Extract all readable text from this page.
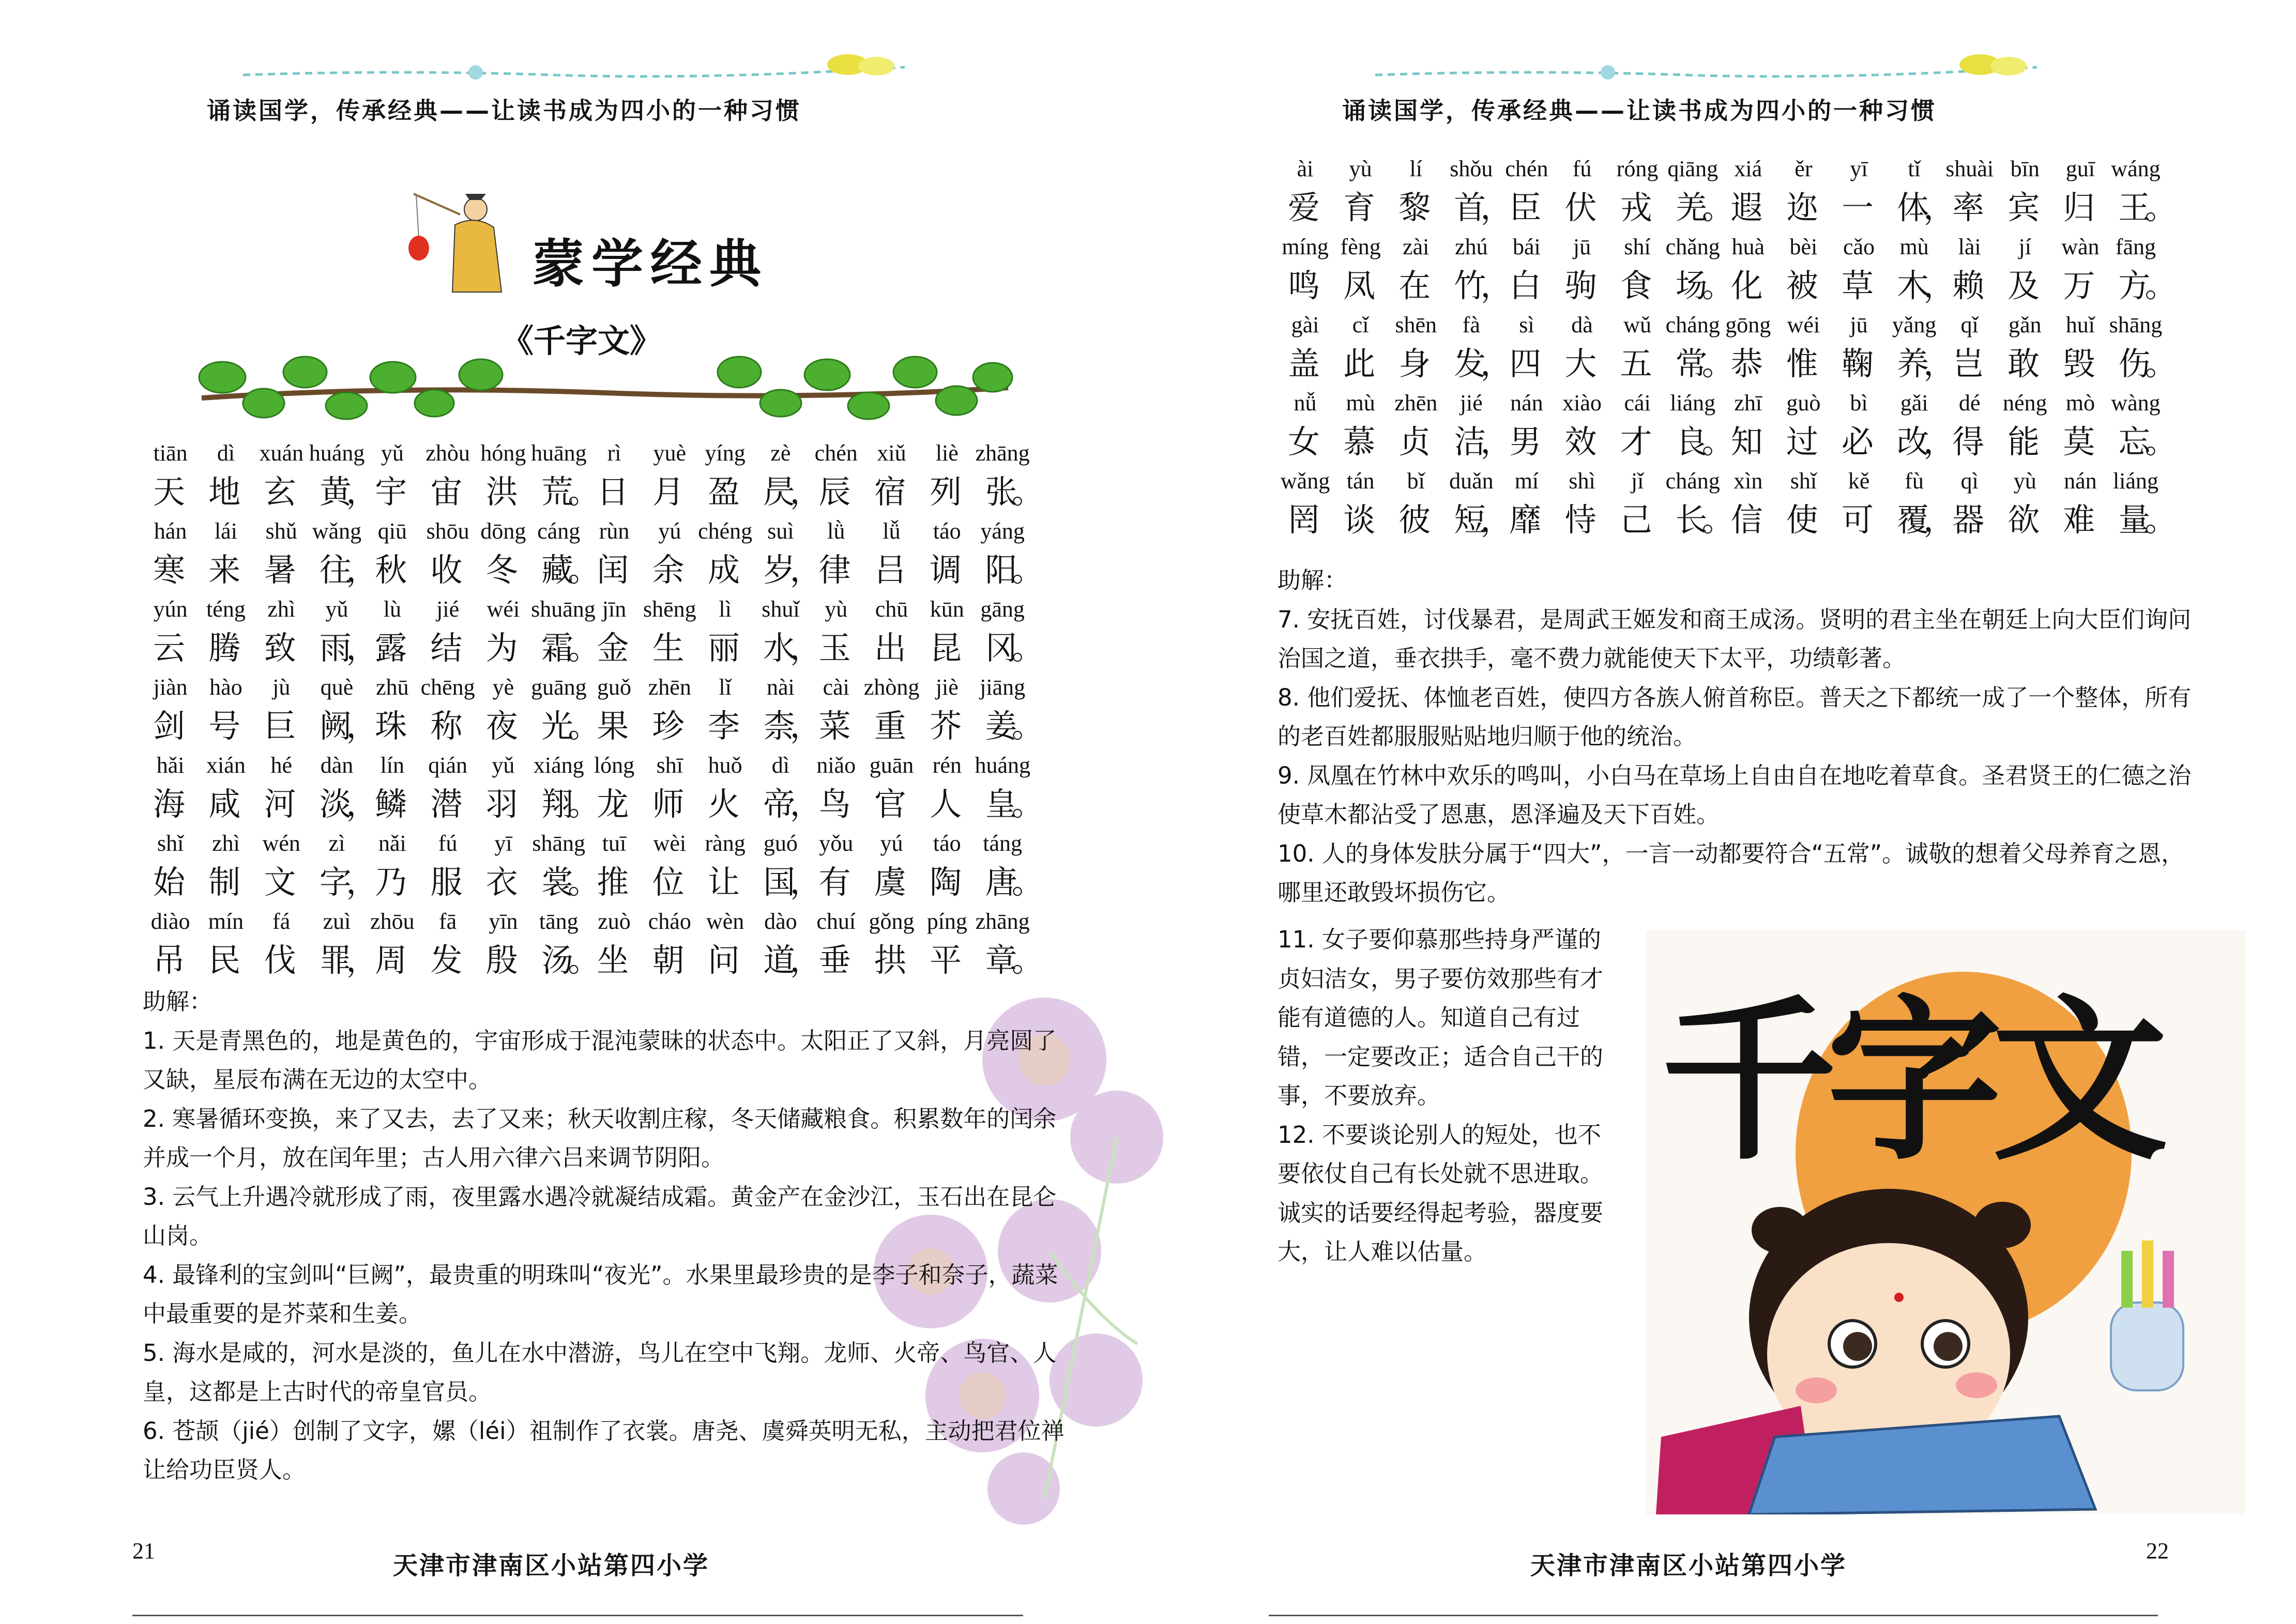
诵读国学，传承经典——让读书成为四小的一种习惯
蒙学经典
《千字文》
tiān	dì	xuán huáng yǔ zhòu hóng huāng rì	yuè yíng	zè	chén xiǔ	liè zhāng
天 地 玄 黄，宇 宙 洪 荒。日 月 盈 昃，辰 宿 列 张。
hán	lái	shǔ wǎng qiū shōu dōng cáng rùn	yú chéng suì	lǜ	lǚ	táo yáng
寒 来 暑 往，秋 收 冬 藏。闰 余 成 岁，律 吕 调 阳。
yún téng zhì	yǔ	lù	jié	wéi shuāng jīn shēng lì	shuǐ	yù	chū kūn gāng
云 腾 致 雨，露 结 为 霜。金 生 丽 水，玉 出 昆 冈。
jiàn hào	jù	què zhū chēng yè guāng guǒ zhēn	lǐ	nài	cài zhòng jiè jiāng
剑 号 巨 阙，珠 称 夜 光。果 珍 李 柰，菜 重 芥 姜。
hǎi xián	hé	dàn	lín	qián	yǔ xiáng lóng shī	huǒ	dì	niǎo guān rén huáng
海 咸 河 淡，鳞 潜 羽 翔。龙 师 火 帝，鸟 官 人 皇。
shǐ	zhì wén	zì	nǎi	fú	yī shāng tuī	wèi ràng guó yǒu	yú	táo táng
始 制 文 字，乃 服 衣 裳。推 位 让 国，有 虞 陶 唐。
diào mín	fá	zuì zhōu	fā	yīn tāng zuò cháo wèn dào chuí gǒng píng zhāng
吊 民 伐 罪，周 发 殷 汤。坐 朝 问 道，垂 拱 平 章。

助解：

1. 天是青黑色的，地是黄色的，宇宙形成于混沌蒙昧的状态中。太阳正了又斜，月亮圆了又缺，星辰布满在无边的太空中。

2. 寒暑循环变换，来了又去，去了又来；秋天收割庄稼，冬天储藏粮食。积累数年的闰余并成一个月，放在闰年里；古人用六律六吕来调节阴阳。

3. 云气上升遇冷就形成了雨，夜里露水遇冷就凝结成霜。黄金产在金沙江，玉石出在昆仑山岗。

4. 最锋利的宝剑叫“巨阙”，最贵重的明珠叫“夜光”。水果里最珍贵的是李子和奈子，蔬菜中最重要的是芥菜和生姜。

5. 海水是咸的，河水是淡的，鱼儿在水中潜游，鸟儿在空中飞翔。龙师、火帝、鸟官、人皇，这都是上古时代的帝皇官员。

6. 苍颉（jié）创制了文字，嫘（léi）祖制作了衣裳。唐尧、虞舜英明无私，主动把君位禅让给功臣贤人。

21
天津市津南区小站第四小学
诵读国学，传承经典——让读书成为四小的一种习惯
ài	yù	lí	shǒu chén	fú	róng qiāng xiá	ěr	yī	tǐ	shuài bīn	guī wáng
爱 育 黎 首，臣 伏 戎 羌。遐 迩 一 体，率 宾 归 王。
míng fèng zài	zhú	bái	jū	shí chǎng huà	bèi	cǎo	mù	lài	jí	wàn fāng
鸣 凤 在 竹，白 驹 食 场。化 被 草 木，赖 及 万 方。
gài	cǐ	shēn	fà	sì	dà	wǔ cháng gōng wéi	jū	yǎng	qǐ	gǎn	huǐ shāng
盖 此 身 发，四 大 五 常。恭 惟 鞠 养，岂 敢 毁 伤。
nǚ	mù zhēn jié	nán xiào cái liáng zhī	guò	bì	gǎi	dé néng mò wàng
女 慕 贞 洁，男 效 才 良。知 过 必 改，得 能 莫 忘。
wǎng tán	bǐ	duǎn mí	shì	jǐ cháng xìn	shǐ	kě	fù	qì	yù	nán liáng
罔 谈 彼 短，靡 恃 己 长。信 使 可 覆，器 欲 难 量。

助解：

7. 安抚百姓，讨伐暴君，是周武王姬发和商王成汤。贤明的君主坐在朝廷上向大臣们询问治国之道，垂衣拱手，毫不费力就能使天下太平，功绩彰著。

8. 他们爱抚、体恤老百姓，使四方各族人俯首称臣。普天之下都统一成了一个整体，所有的老百姓都服服贴贴地归顺于他的统治。

9. 凤凰在竹林中欢乐的鸣叫，小白马在草场上自由自在地吃着草食。圣君贤王的仁德之治使草木都沾受了恩惠，恩泽遍及天下百姓。

10. 人的身体发肤分属于“四大”，一言一动都要符合“五常”。诚敬的想着父母养育之恩，哪里还敢毁坏损伤它。

11. 女子要仰慕那些持身严谨的贞妇洁女，男子要仿效那些有才能有道德的人。知道自己有过错，一定要改正；适合自己干的事，不要放弃。

12. 不要谈论别人的短处，也不要依仗自己有长处就不思进取。诚实的话要经得起考验，器度要大，让人难以估量。

千字文
天津市津南区小站第四小学
22
